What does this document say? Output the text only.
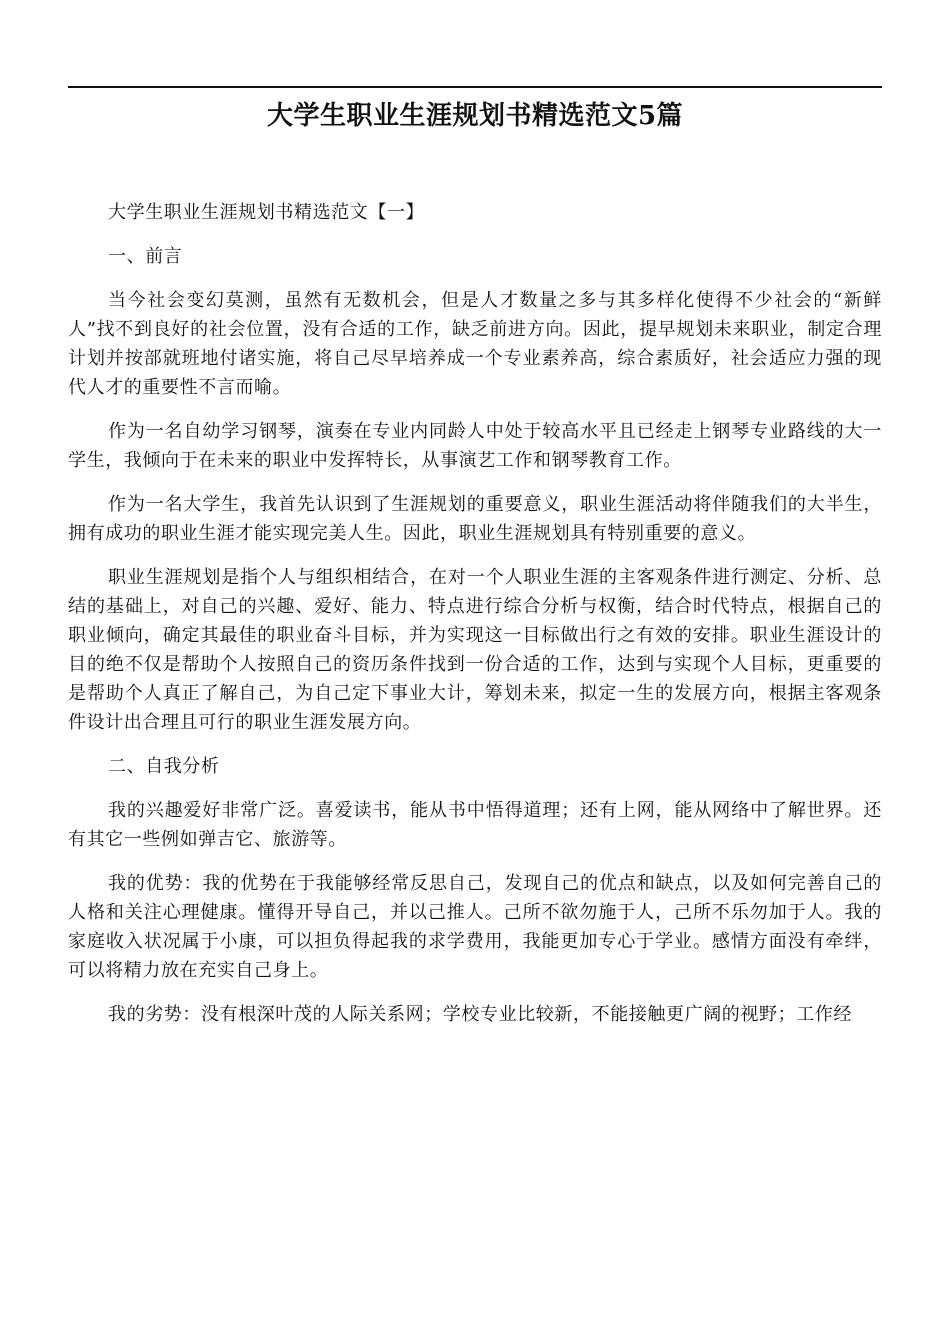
大学生职业生涯规划书精选范文5篇

大学生职业生涯规划书精选范文【一】

一、前言

当今社会变幻莫测，虽然有无数机会，但是人才数量之多与其多样化使得不少社会的“新鲜人”找不到良好的社会位置，没有合适的工作，缺乏前进方向。因此，提早规划未来职业，制定合理计划并按部就班地付诸实施，将自己尽早培养成一个专业素养高，综合素质好，社会适应力强的现代人才的重要性不言而喻。

作为一名自幼学习钢琴，演奏在专业内同龄人中处于较高水平且已经走上钢琴专业路线的大一学生，我倾向于在未来的职业中发挥特长，从事演艺工作和钢琴教育工作。

作为一名大学生，我首先认识到了生涯规划的重要意义，职业生涯活动将伴随我们的大半生，拥有成功的职业生涯才能实现完美人生。因此，职业生涯规划具有特别重要的意义。

职业生涯规划是指个人与组织相结合，在对一个人职业生涯的主客观条件进行测定、分析、总结的基础上，对自己的兴趣、爱好、能力、特点进行综合分析与权衡，结合时代特点，根据自己的职业倾向，确定其最佳的职业奋斗目标，并为实现这一目标做出行之有效的安排。职业生涯设计的目的绝不仅是帮助个人按照自己的资历条件找到一份合适的工作，达到与实现个人目标，更重要的是帮助个人真正了解自己，为自己定下事业大计，筹划未来，拟定一生的发展方向，根据主客观条件设计出合理且可行的职业生涯发展方向。

二、自我分析

我的兴趣爱好非常广泛。喜爱读书，能从书中悟得道理；还有上网，能从网络中了解世界。还有其它一些例如弹吉它、旅游等。

我的优势：我的优势在于我能够经常反思自己，发现自己的优点和缺点，以及如何完善自己的人格和关注心理健康。懂得开导自己，并以己推人。己所不欲勿施于人，己所不乐勿加于人。我的家庭收入状况属于小康，可以担负得起我的求学费用，我能更加专心于学业。感情方面没有牵绊，可以将精力放在充实自己身上。

我的劣势：没有根深叶茂的人际关系网；学校专业比较新，不能接触更广阔的视野；工作经
